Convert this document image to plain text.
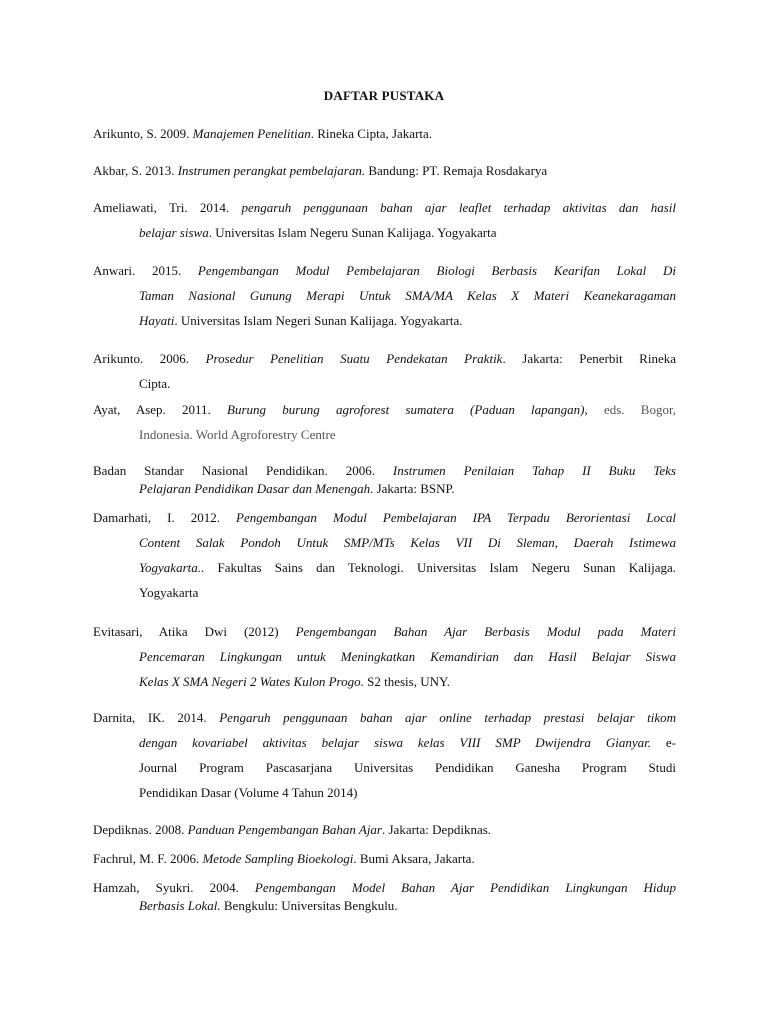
DAFTAR PUSTAKA
Arikunto, S. 2009. Manajemen Penelitian. Rineka Cipta, Jakarta.
Akbar, S. 2013. Instrumen perangkat pembelajaran. Bandung: PT. Remaja Rosdakarya
Ameliawati, Tri. 2014. pengaruh penggunaan bahan ajar leaflet terhadap aktivitas dan hasil
belajar siswa. Universitas Islam Negeru Sunan Kalijaga. Yogyakarta
Anwari. 2015. Pengembangan Modul Pembelajaran Biologi Berbasis Kearifan Lokal Di
Taman Nasional Gunung Merapi Untuk SMA/MA Kelas X Materi Keanekaragaman
Hayati. Universitas Islam Negeri Sunan Kalijaga. Yogyakarta.
Arikunto. 2006. Prosedur Penelitian Suatu Pendekatan Praktik. Jakarta: Penerbit Rineka
Cipta.
Ayat, Asep. 2011. Burung burung agroforest sumatera (Paduan lapangan), eds. Bogor,
Indonesia. World Agroforestry Centre
Badan Standar Nasional Pendidikan. 2006. Instrumen Penilaian Tahap II Buku Teks
Pelajaran Pendidikan Dasar dan Menengah. Jakarta: BSNP.
Damarhati, I. 2012. Pengembangan Modul Pembelajaran IPA Terpadu Berorientasi Local
Content Salak Pondoh Untuk SMP/MTs Kelas VII Di Sleman, Daerah Istimewa
Yogyakarta.. Fakultas Sains dan Teknologi. Universitas Islam Negeru Sunan Kalijaga.
Yogyakarta
Evitasari, Atika Dwi (2012) Pengembangan Bahan Ajar Berbasis Modul pada Materi
Pencemaran Lingkungan untuk Meningkatkan Kemandirian dan Hasil Belajar Siswa
Kelas X SMA Negeri 2 Wates Kulon Progo. S2 thesis, UNY.
Darnita, IK. 2014. Pengaruh penggunaan bahan ajar online terhadap prestasi belajar tikom
dengan kovariabel aktivitas belajar siswa kelas VIII SMP Dwijendra Gianyar. e-
Journal Program Pascasarjana Universitas Pendidikan Ganesha Program Studi
Pendidikan Dasar (Volume 4 Tahun 2014)
Depdiknas. 2008. Panduan Pengembangan Bahan Ajar. Jakarta: Depdiknas.
Fachrul, M. F. 2006. Metode Sampling Bioekologi. Bumi Aksara, Jakarta.
Hamzah, Syukri. 2004. Pengembangan Model Bahan Ajar Pendidikan Lingkungan Hidup
Berbasis Lokal. Bengkulu: Universitas Bengkulu.
